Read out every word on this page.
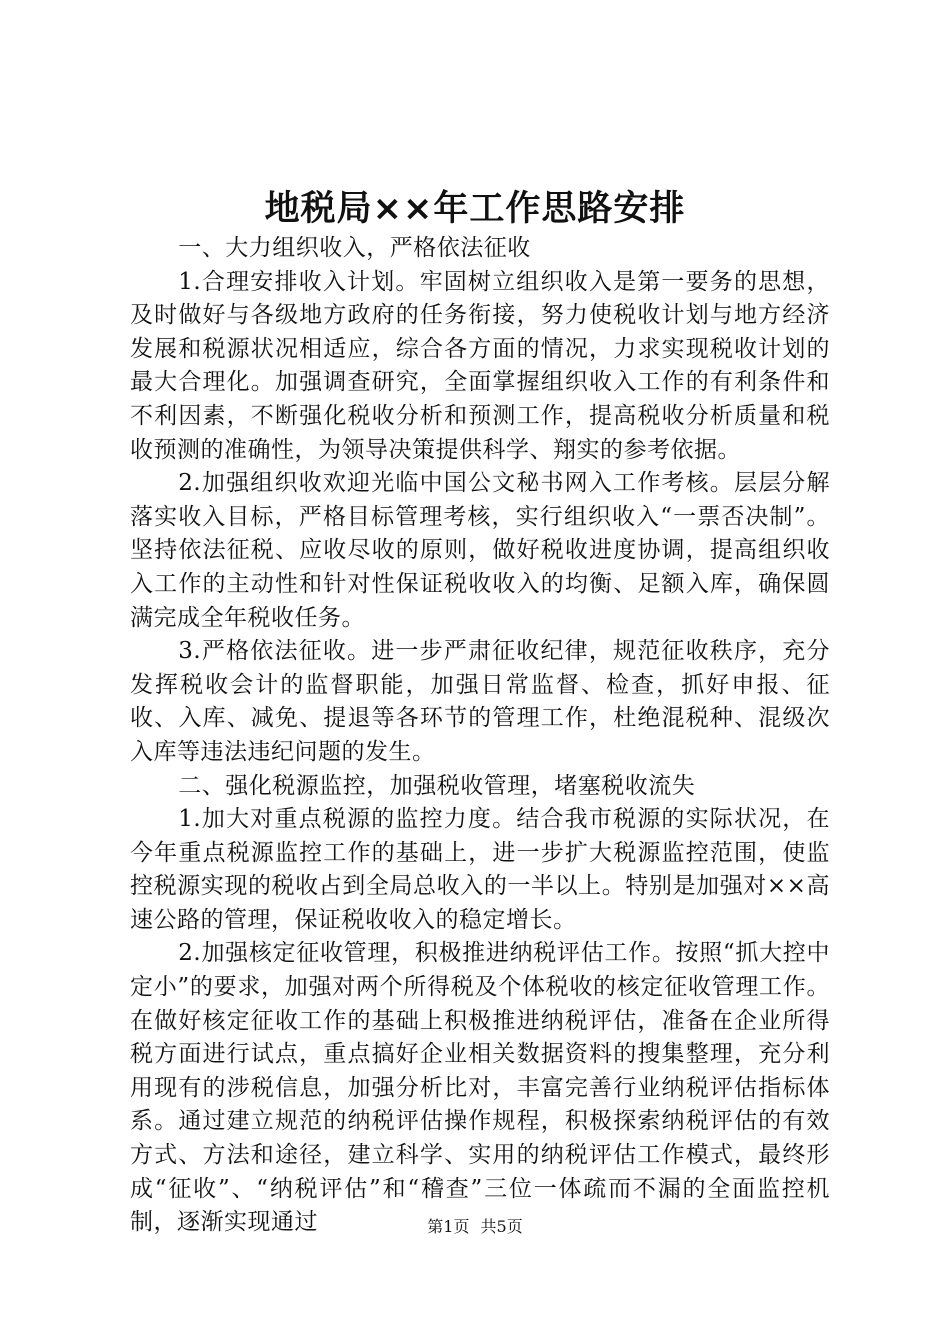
地税局××年工作思路安排

一、大力组织收入，严格依法征收

1.合理安排收入计划。牢固树立组织收入是第一要务的思想，及时做好与各级地方政府的任务衔接，努力使税收计划与地方经济发展和税源状况相适应，综合各方面的情况，力求实现税收计划的最大合理化。加强调查研究，全面掌握组织收入工作的有利条件和不利因素，不断强化税收分析和预测工作，提高税收分析质量和税收预测的准确性，为领导决策提供科学、翔实的参考依据。

2.加强组织收欢迎光临中国公文秘书网入工作考核。层层分解落实收入目标，严格目标管理考核，实行组织收入“一票否决制”。坚持依法征税、应收尽收的原则，做好税收进度协调，提高组织收入工作的主动性和针对性保证税收收入的均衡、足额入库，确保圆满完成全年税收任务。

3.严格依法征收。进一步严肃征收纪律，规范征收秩序，充分发挥税收会计的监督职能，加强日常监督、检查，抓好申报、征收、入库、减免、提退等各环节的管理工作，杜绝混税种、混级次入库等违法违纪问题的发生。

二、强化税源监控，加强税收管理，堵塞税收流失

1.加大对重点税源的监控力度。结合我市税源的实际状况，在今年重点税源监控工作的基础上，进一步扩大税源监控范围，使监控税源实现的税收占到全局总收入的一半以上。特别是加强对××高速公路的管理，保证税收收入的稳定增长。

2.加强核定征收管理，积极推进纳税评估工作。按照“抓大控中定小”的要求，加强对两个所得税及个体税收的核定征收管理工作。在做好核定征收工作的基础上积极推进纳税评估，准备在企业所得税方面进行试点，重点搞好企业相关数据资料的搜集整理，充分利用现有的涉税信息，加强分析比对，丰富完善行业纳税评估指标体系。通过建立规范的纳税评估操作规程，积极探索纳税评估的有效方式、方法和途径，建立科学、实用的纳税评估工作模式，最终形成“征收”、“纳税评估”和“稽查”三位一体疏而不漏的全面监控机制，逐渐实现通过	第1页 共5页
